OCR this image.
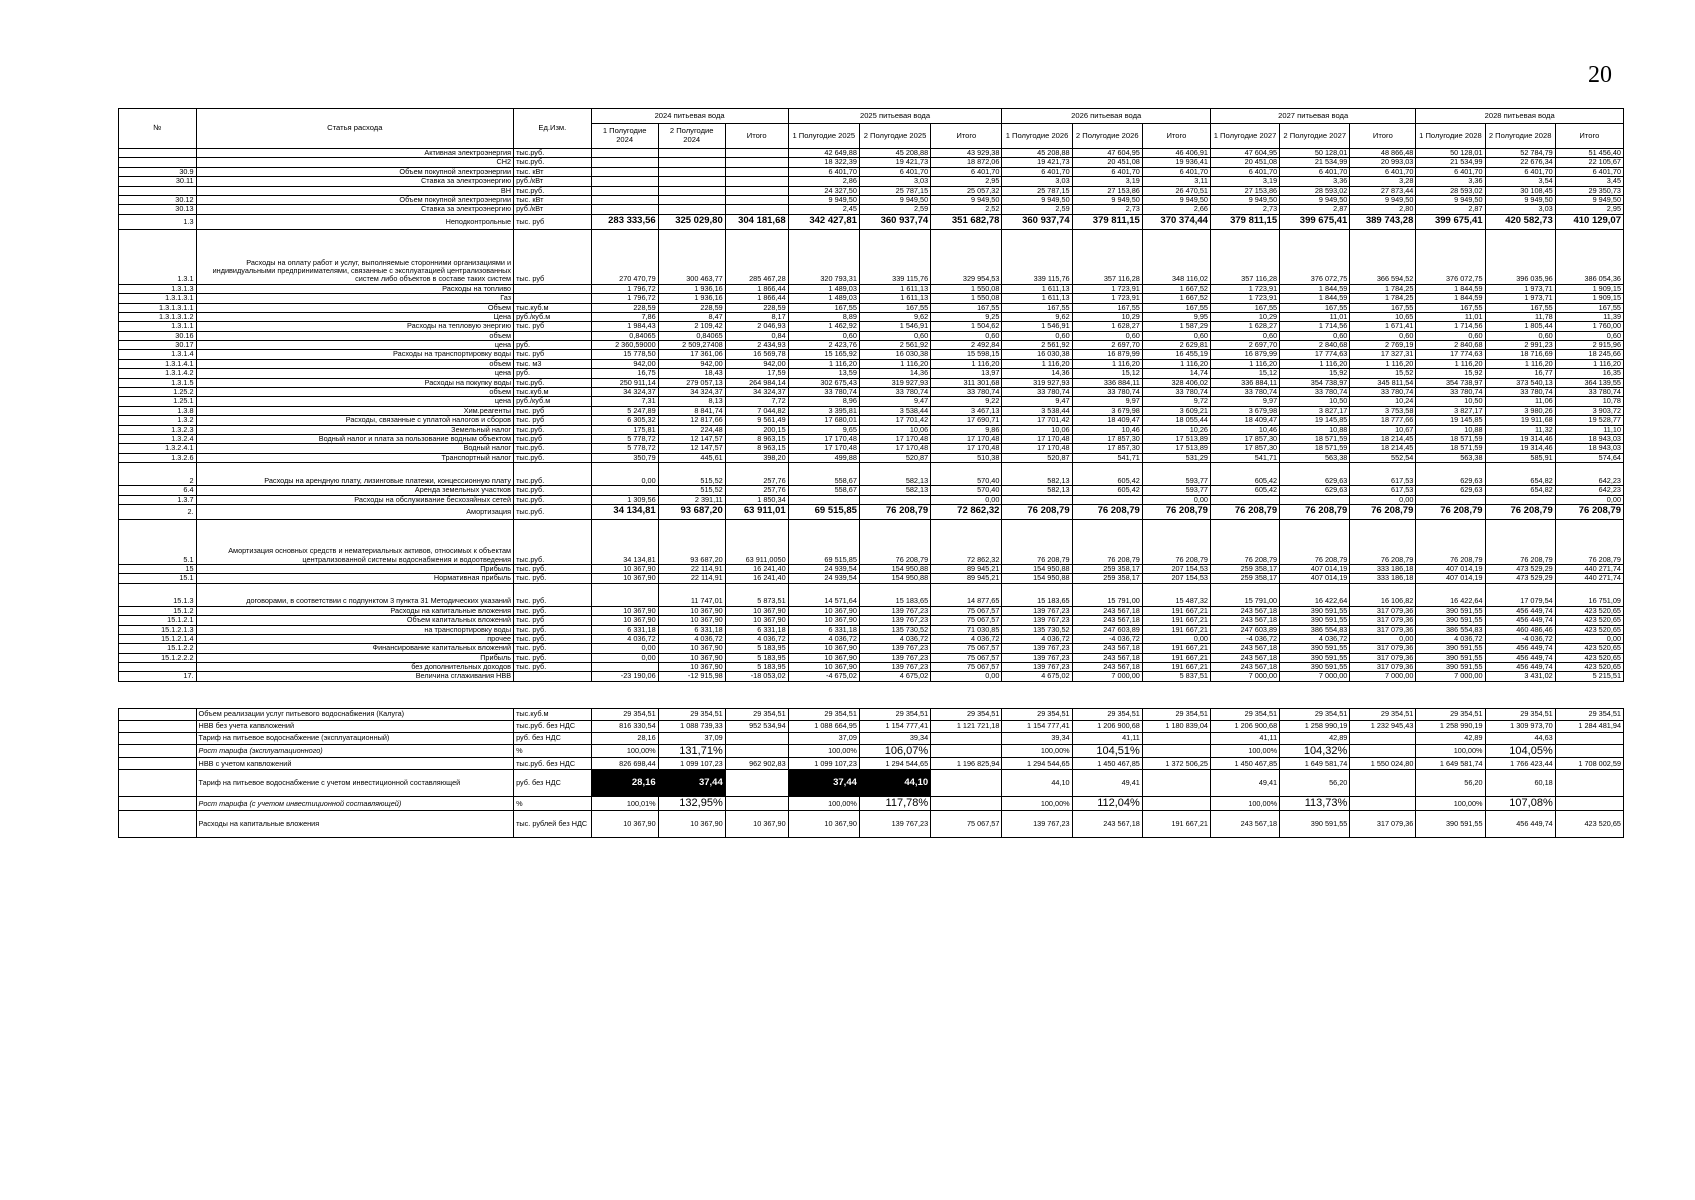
20
№	Статья расхода	Ед.Изм.	2024 питьевая вода			2025 питьевая вода			2026 питьевая вода			2027 питьевая вода			2028 питьевая вода		
			1 Полугодие 2024	2 Полугодие 2024	Итого	1 Полугодие 2025	2 Полугодие 2025	Итого	1 Полугодие 2026	2 Полугодие 2026	Итого	1 Полугодие 2027	2 Полугодие 2027	Итого	1 Полугодие 2028	2 Полугодие 2028	Итого
	Активная электроэнергия	тыс.руб.				42 649,88	45 208,88	43 929,38	45 208,88	47 604,95	46 406,91	47 604,95	50 128,01	48 866,48	50 128,01	52 784,79	51 456,40
	СН2	тыс.руб.				18 322,39	19 421,73	18 872,06	19 421,73	20 451,08	19 936,41	20 451,08	21 534,99	20 993,03	21 534,99	22 676,34	22 105,67
30.9	Объем покупной электроэнергии	тыс. кВт				6 401,70	6 401,70	6 401,70	6 401,70	6 401,70	6 401,70	6 401,70	6 401,70	6 401,70	6 401,70	6 401,70	6 401,70
30.11	Ставка за электроэнергию	руб./кВт				2,86	3,03	2,95	3,03	3,19	3,11	3,19	3,36	3,28	3,36	3,54	3,45
	ВН	тыс.руб.				24 327,50	25 787,15	25 057,32	25 787,15	27 153,86	26 470,51	27 153,86	28 593,02	27 873,44	28 593,02	30 108,45	29 350,73
30.12	Объем покупной электроэнергии	тыс. кВт				9 949,50	9 949,50	9 949,50	9 949,50	9 949,50	9 949,50	9 949,50	9 949,50	9 949,50	9 949,50	9 949,50	9 949,50
30.13	Ставка за электроэнергию	руб./кВт				2,45	2,59	2,52	2,59	2,73	2,66	2,73	2,87	2,80	2,87	3,03	2,95
1.3	Неподконтрольные	тыс. руб	283 333,56	325 029,80	304 181,68	342 427,81	360 937,74	351 682,78	360 937,74	379 811,15	370 374,44	379 811,15	399 675,41	389 743,28	399 675,41	420 582,73	410 129,07
1.3.1	Расходы на оплату работ и услуг, выполняемые сторонними организациями и индивидуальными предпринимателями, связанные с эксплуатацией централизованных систем либо объектов в составе таких систем	тыс. руб	270 470,79	300 463,77	285 467,28	320 793,31	339 115,76	329 954,53	339 115,76	357 116,28	348 116,02	357 116,28	376 072,75	366 594,52	376 072,75	396 035,96	386 054,36
1.3.1.3	Расходы на топливо		1 796,72	1 936,16	1 866,44	1 489,03	1 611,13	1 550,08	1 611,13	1 723,91	1 667,52	1 723,91	1 844,59	1 784,25	1 844,59	1 973,71	1 909,15
1.3.1.3.1	Газ		1 796,72	1 936,16	1 866,44	1 489,03	1 611,13	1 550,08	1 611,13	1 723,91	1 667,52	1 723,91	1 844,59	1 784,25	1 844,59	1 973,71	1 909,15
1.3.1.3.1.1	Объем	тыс.куб.м	228,59	228,59	228,59	167,55	167,55	167,55	167,55	167,55	167,55	167,55	167,55	167,55	167,55	167,55	167,55
1.3.1.3.1.2	Цена	руб./куб.м	7,86	8,47	8,17	8,89	9,62	9,25	9,62	10,29	9,95	10,29	11,01	10,65	11,01	11,78	11,39
1.3.1.1	Расходы на тепловую энергию	тыс. руб	1 984,43	2 109,42	2 046,93	1 462,92	1 546,91	1 504,62	1 546,91	1 628,27	1 587,29	1 628,27	1 714,56	1 671,41	1 714,56	1 805,44	1 760,00
30.16	объем		0,84065	0,84065	0,84	0,60	0,60	0,60	0,60	0,60	0,60	0,60	0,60	0,60	0,60	0,60	0,60
30.17	цена	руб.	2 360,59000	2 509,27408	2 434,93	2 423,76	2 561,92	2 492,84	2 561,92	2 697,70	2 629,81	2 697,70	2 840,68	2 769,19	2 840,68	2 991,23	2 915,96
1.3.1.4	Расходы на транспортировку воды	тыс. руб	15 778,50	17 361,06	16 569,78	15 165,92	16 030,38	15 598,15	16 030,38	16 879,99	16 455,19	16 879,99	17 774,63	17 327,31	17 774,63	18 716,69	18 245,66
1.3.1.4.1	объем	тыс. м3	942,00	942,00	942,00	1 116,20	1 116,20	1 116,20	1 116,20	1 116,20	1 116,20	1 116,20	1 116,20	1 116,20	1 116,20	1 116,20	1 116,20
1.3.1.4.2	цена	руб.	16,75	18,43	17,59	13,59	14,36	13,97	14,36	15,12	14,74	15,12	15,92	15,52	15,92	16,77	16,35
1.3.1.5	Расходы на покупку воды	тыс.руб.	250 911,14	279 057,13	264 984,14	302 675,43	319 927,93	311 301,68	319 927,93	336 884,11	328 406,02	336 884,11	354 738,97	345 811,54	354 738,97	373 540,13	364 139,55
1.25.2	объем	тыс.куб.м	34 324,37	34 324,37	34 324,37	33 780,74	33 780,74	33 780,74	33 780,74	33 780,74	33 780,74	33 780,74	33 780,74	33 780,74	33 780,74	33 780,74	33 780,74
1.25.1	цена	руб./куб.м	7,31	8,13	7,72	8,96	9,47	9,22	9,47	9,97	9,72	9,97	10,50	10,24	10,50	11,06	10,78
1.3.8	Хим.реагенты	тыс. руб	5 247,89	8 841,74	7 044,82	3 395,81	3 538,44	3 467,13	3 538,44	3 679,98	3 609,21	3 679,98	3 827,17	3 753,58	3 827,17	3 980,26	3 903,72
1.3.2	Расходы, связанные с уплатой налогов и сборов	тыс. руб	6 305,32	12 817,66	9 561,49	17 680,01	17 701,42	17 690,71	17 701,42	18 409,47	18 055,44	18 409,47	19 145,85	18 777,66	19 145,85	19 911,68	19 528,77
1.3.2.3	Земельный налог	тыс.руб.	175,81	224,48	200,15	9,65	10,06	9,86	10,06	10,46	10,26	10,46	10,88	10,67	10,88	11,32	11,10
1.3.2.4	Водный налог и плата за пользование водным объектом	тыс.руб	5 778,72	12 147,57	8 963,15	17 170,48	17 170,48	17 170,48	17 170,48	17 857,30	17 513,89	17 857,30	18 571,59	18 214,45	18 571,59	19 314,46	18 943,03
1.3.2.4.1	Водный налог	тыс.руб.	5 778,72	12 147,57	8 963,15	17 170,48	17 170,48	17 170,48	17 170,48	17 857,30	17 513,89	17 857,30	18 571,59	18 214,45	18 571,59	19 314,46	18 943,03
1.3.2.6	Транспортный налог	тыс.руб.	350,79	445,61	398,20	499,88	520,87	510,38	520,87	541,71	531,29	541,71	563,38	552,54	563,38	585,91	574,64
2	Расходы на арендную плату, лизинговые платежи, концессионную плату	тыс.руб.	0,00	515,52	257,76	558,67	582,13	570,40	582,13	605,42	593,77	605,42	629,63	617,53	629,63	654,82	642,23
6.4	Аренда земельных участков	тыс.руб.		515,52	257,76	558,67	582,13	570,40	582,13	605,42	593,77	605,42	629,63	617,53	629,63	654,82	642,23
1.3.7	Расходы на обслуживание бесхозяйных сетей	тыс.руб.	1 309,56	2 391,11	1 850,34			0,00			0,00			0,00			0,00
2.	Амортизация	тыс.руб.	34 134,81	93 687,20	63 911,01	69 515,85	76 208,79	72 862,32	76 208,79	76 208,79	76 208,79	76 208,79	76 208,79	76 208,79	76 208,79	76 208,79	76 208,79
5.1	Амортизация основных средств и нематериальных активов, относимых к объектам централизованной системы водоснабжения и водоотведения	тыс.руб.	34 134,81	93 687,20	63 911,0050	69 515,85	76 208,79	72 862,32	76 208,79	76 208,79	76 208,79	76 208,79	76 208,79	76 208,79	76 208,79	76 208,79	76 208,79
15	Прибыль	тыс. руб.	10 367,90	22 114,91	16 241,40	24 939,54	154 950,88	89 945,21	154 950,88	259 358,17	207 154,53	259 358,17	407 014,19	333 186,18	407 014,19	473 529,29	440 271,74
15.1	Нормативная прибыль	тыс. руб.	10 367,90	22 114,91	16 241,40	24 939,54	154 950,88	89 945,21	154 950,88	259 358,17	207 154,53	259 358,17	407 014,19	333 186,18	407 014,19	473 529,29	440 271,74
15.1.3	договорами, в соответствии с подпунктом 3 пункта 31 Методических указаний	тыс. руб.		11 747,01	5 873,51	14 571,64	15 183,65	14 877,65	15 183,65	15 791,00	15 487,32	15 791,00	16 422,64	16 106,82	16 422,64	17 079,54	16 751,09
15.1.2	Расходы на капитальные вложения	тыс. руб.	10 367,90	10 367,90	10 367,90	10 367,90	139 767,23	75 067,57	139 767,23	243 567,18	191 667,21	243 567,18	390 591,55	317 079,36	390 591,55	456 449,74	423 520,65
15.1.2.1	Объем капитальных вложений	тыс. руб	10 367,90	10 367,90	10 367,90	10 367,90	139 767,23	75 067,57	139 767,23	243 567,18	191 667,21	243 567,18	390 591,55	317 079,36	390 591,55	456 449,74	423 520,65
15.1.2.1.3	на транспортировку воды	тыс. руб.	6 331,18	6 331,18	6 331,18	6 331,18	135 730,52	71 030,85	135 730,52	247 603,89	191 667,21	247 603,89	386 554,83	317 079,36	386 554,83	460 486,46	423 520,65
15.1.2.1.4	прочее	тыс. руб.	4 036,72	4 036,72	4 036,72	4 036,72	4 036,72	4 036,72	4 036,72	-4 036,72	0,00	-4 036,72	4 036,72	0,00	4 036,72	-4 036,72	0,00
15.1.2.2	Финансирование капитальных вложений	тыс. руб.	0,00	10 367,90	5 183,95	10 367,90	139 767,23	75 067,57	139 767,23	243 567,18	191 667,21	243 567,18	390 591,55	317 079,36	390 591,55	456 449,74	423 520,65
15.1.2.2.2	Прибыль	тыс. руб.	0,00	10 367,90	5 183,95	10 367,90	139 767,23	75 067,57	139 767,23	243 567,18	191 667,21	243 567,18	390 591,55	317 079,36	390 591,55	456 449,74	423 520,65
	без дополнительных доходов	тыс. руб.		10 367,90	5 183,95	10 367,90	139 767,23	75 067,57	139 767,23	243 567,18	191 667,21	243 567,18	390 591,55	317 079,36	390 591,55	456 449,74	423 520,65
17.	Величина сглаживания НВВ		-23 190,06	-12 915,98	-18 053,02	-4 675,02	4 675,02	0,00	4 675,02	7 000,00	5 837,51	7 000,00	7 000,00	7 000,00	7 000,00	3 431,02	5 215,51

	Объем реализации услуг питьевого водоснабжения (Калуга)	тыс.куб.м	29 354,51	29 354,51	29 354,51	29 354,51	29 354,51	29 354,51	29 354,51	29 354,51	29 354,51	29 354,51	29 354,51	29 354,51	29 354,51	29 354,51	29 354,51
	НВВ без учета капвложений	тыс.руб. без НДС	816 330,54	1 088 739,33	952 534,94	1 088 664,95	1 154 777,41	1 121 721,18	1 154 777,41	1 206 900,68	1 180 839,04	1 206 900,68	1 258 990,19	1 232 945,43	1 258 990,19	1 309 973,70	1 284 481,94
	Тариф на питьевое водоснабжение (эксплуатационный)	руб. без НДС	28,16	37,09		37,09	39,34		39,34	41,11		41,11	42,89		42,89	44,63	
	Рост тарифа (эксплуатационного)	%	100,00%	131,71%		100,00%	106,07%		100,00%	104,51%		100,00%	104,32%		100,00%	104,05%	
	НВВ с учетом капвложений	тыс.руб. без НДС	826 698,44	1 099 107,23	962 902,83	1 099 107,23	1 294 544,65	1 196 825,94	1 294 544,65	1 450 467,85	1 372 506,25	1 450 467,85	1 649 581,74	1 550 024,80	1 649 581,74	1 766 423,44	1 708 002,59
	Тариф на питьевое водоснабжение с учетом инвестиционной составляющей	руб. без НДС	28,16	37,44		37,44	44,10		44,10	49,41		49,41	56,20		56,20	60,18	
	Рост тарифа (с учетом инвестиционной составляющей)	%	100,01%	132,95%		100,00%	117,78%		100,00%	112,04%		100,00%	113,73%		100,00%	107,08%	
	Расходы на капитальные вложения	тыс. рублей без НДС	10 367,90	10 367,90	10 367,90	10 367,90	139 767,23	75 067,57	139 767,23	243 567,18	191 667,21	243 567,18	390 591,55	317 079,36	390 591,55	456 449,74	423 520,65
